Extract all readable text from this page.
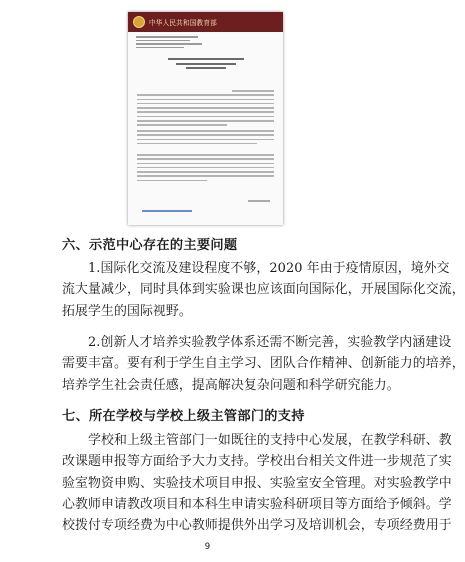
中华人民共和国教育部
六、示范中心存在的主要问题
1.国际化交流及建设程度不够，2020 年由于疫情原因，境外交
流大量减少，同时具体到实验课也应该面向国际化，开展国际化交流，
拓展学生的国际视野。
2.创新人才培养实验教学体系还需不断完善，实验教学内涵建设
需要丰富。要有利于学生自主学习、团队合作精神、创新能力的培养，
培养学生社会责任感，提高解决复杂问题和科学研究能力。
七、所在学校与学校上级主管部门的支持
学校和上级主管部门一如既往的支持中心发展，在教学科研、教
改课题申报等方面给予大力支持。学校出台相关文件进一步规范了实
验室物资申购、实验技术项目申报、实验室安全管理。对实验教学中
心教师申请教改项目和本科生申请实验科研项目等方面给予倾斜。学
校拨付专项经费为中心教师提供外出学习及培训机会，专项经费用于
9
